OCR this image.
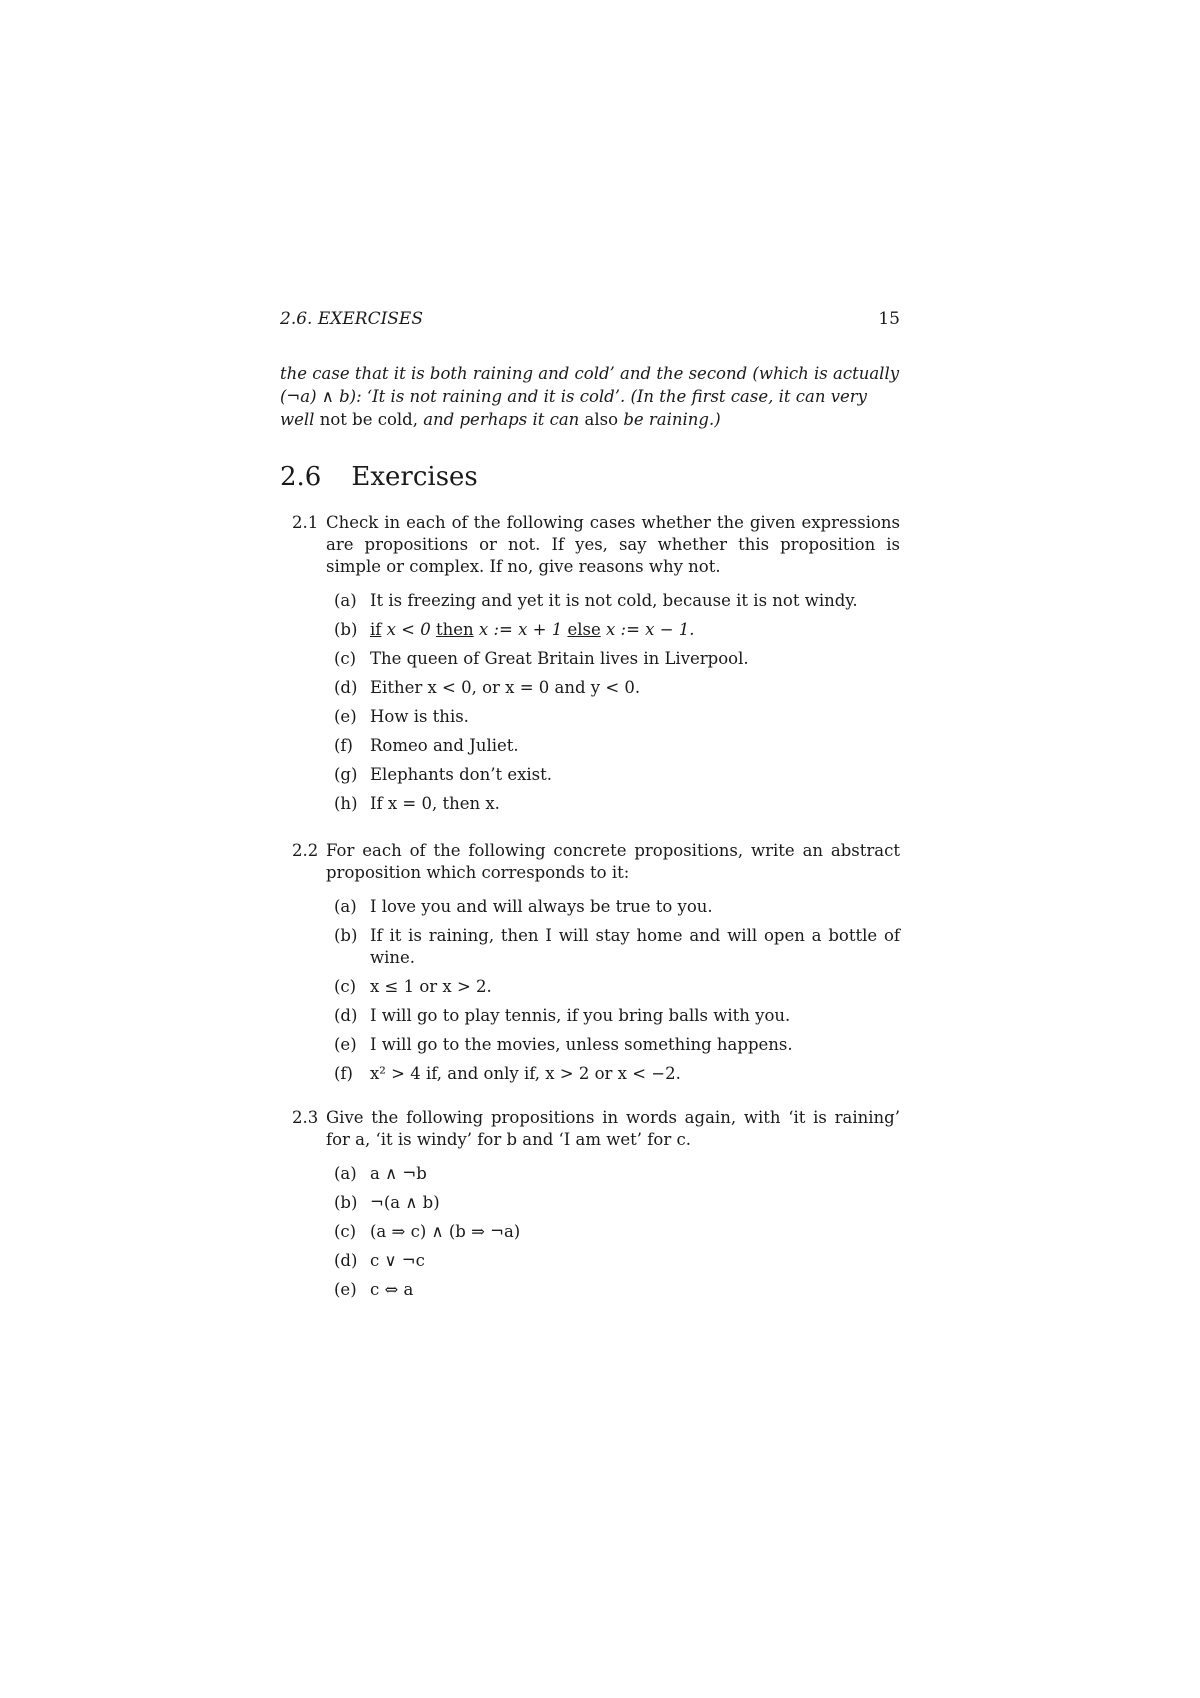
2.6. EXERCISES	15
the case that it is both raining and cold’ and the second (which is actually
(¬a) ∧ b): ‘It is not raining and it is cold’. (In the first case, it can very
well not be cold, and perhaps it can also be raining.)
2.6 Exercises
2.1 Check in each of the following cases whether the given expressions are propositions or not. If yes, say whether this proposition is simple or complex. If no, give reasons why not.
(a) It is freezing and yet it is not cold, because it is not windy.
(b) if x < 0 then x := x + 1 else x := x − 1.
(c) The queen of Great Britain lives in Liverpool.
(d) Either x < 0, or x = 0 and y < 0.
(e) How is this.
(f)	Romeo and Juliet.
(g) Elephants don’t exist.
(h) If x = 0, then x.
2.2 For each of the following concrete propositions, write an abstract proposition which corresponds to it:
(a) I love you and will always be true to you.
(b) If it is raining, then I will stay home and will open a bottle of wine.
(c) x ≤ 1 or x > 2.
(d) I will go to play tennis, if you bring balls with you.
(e) I will go to the movies, unless something happens.
(f)	x² > 4 if, and only if, x > 2 or x < −2.
2.3 Give the following propositions in words again, with ‘it is raining’ for a, ‘it is windy’ for b and ‘I am wet’ for c.
(a) a ∧ ¬b
(b) ¬(a ∧ b)
(c) (a ⇒ c) ∧ (b ⇒ ¬a)
(d) c ∨ ¬c
(e) c ⇔ a
